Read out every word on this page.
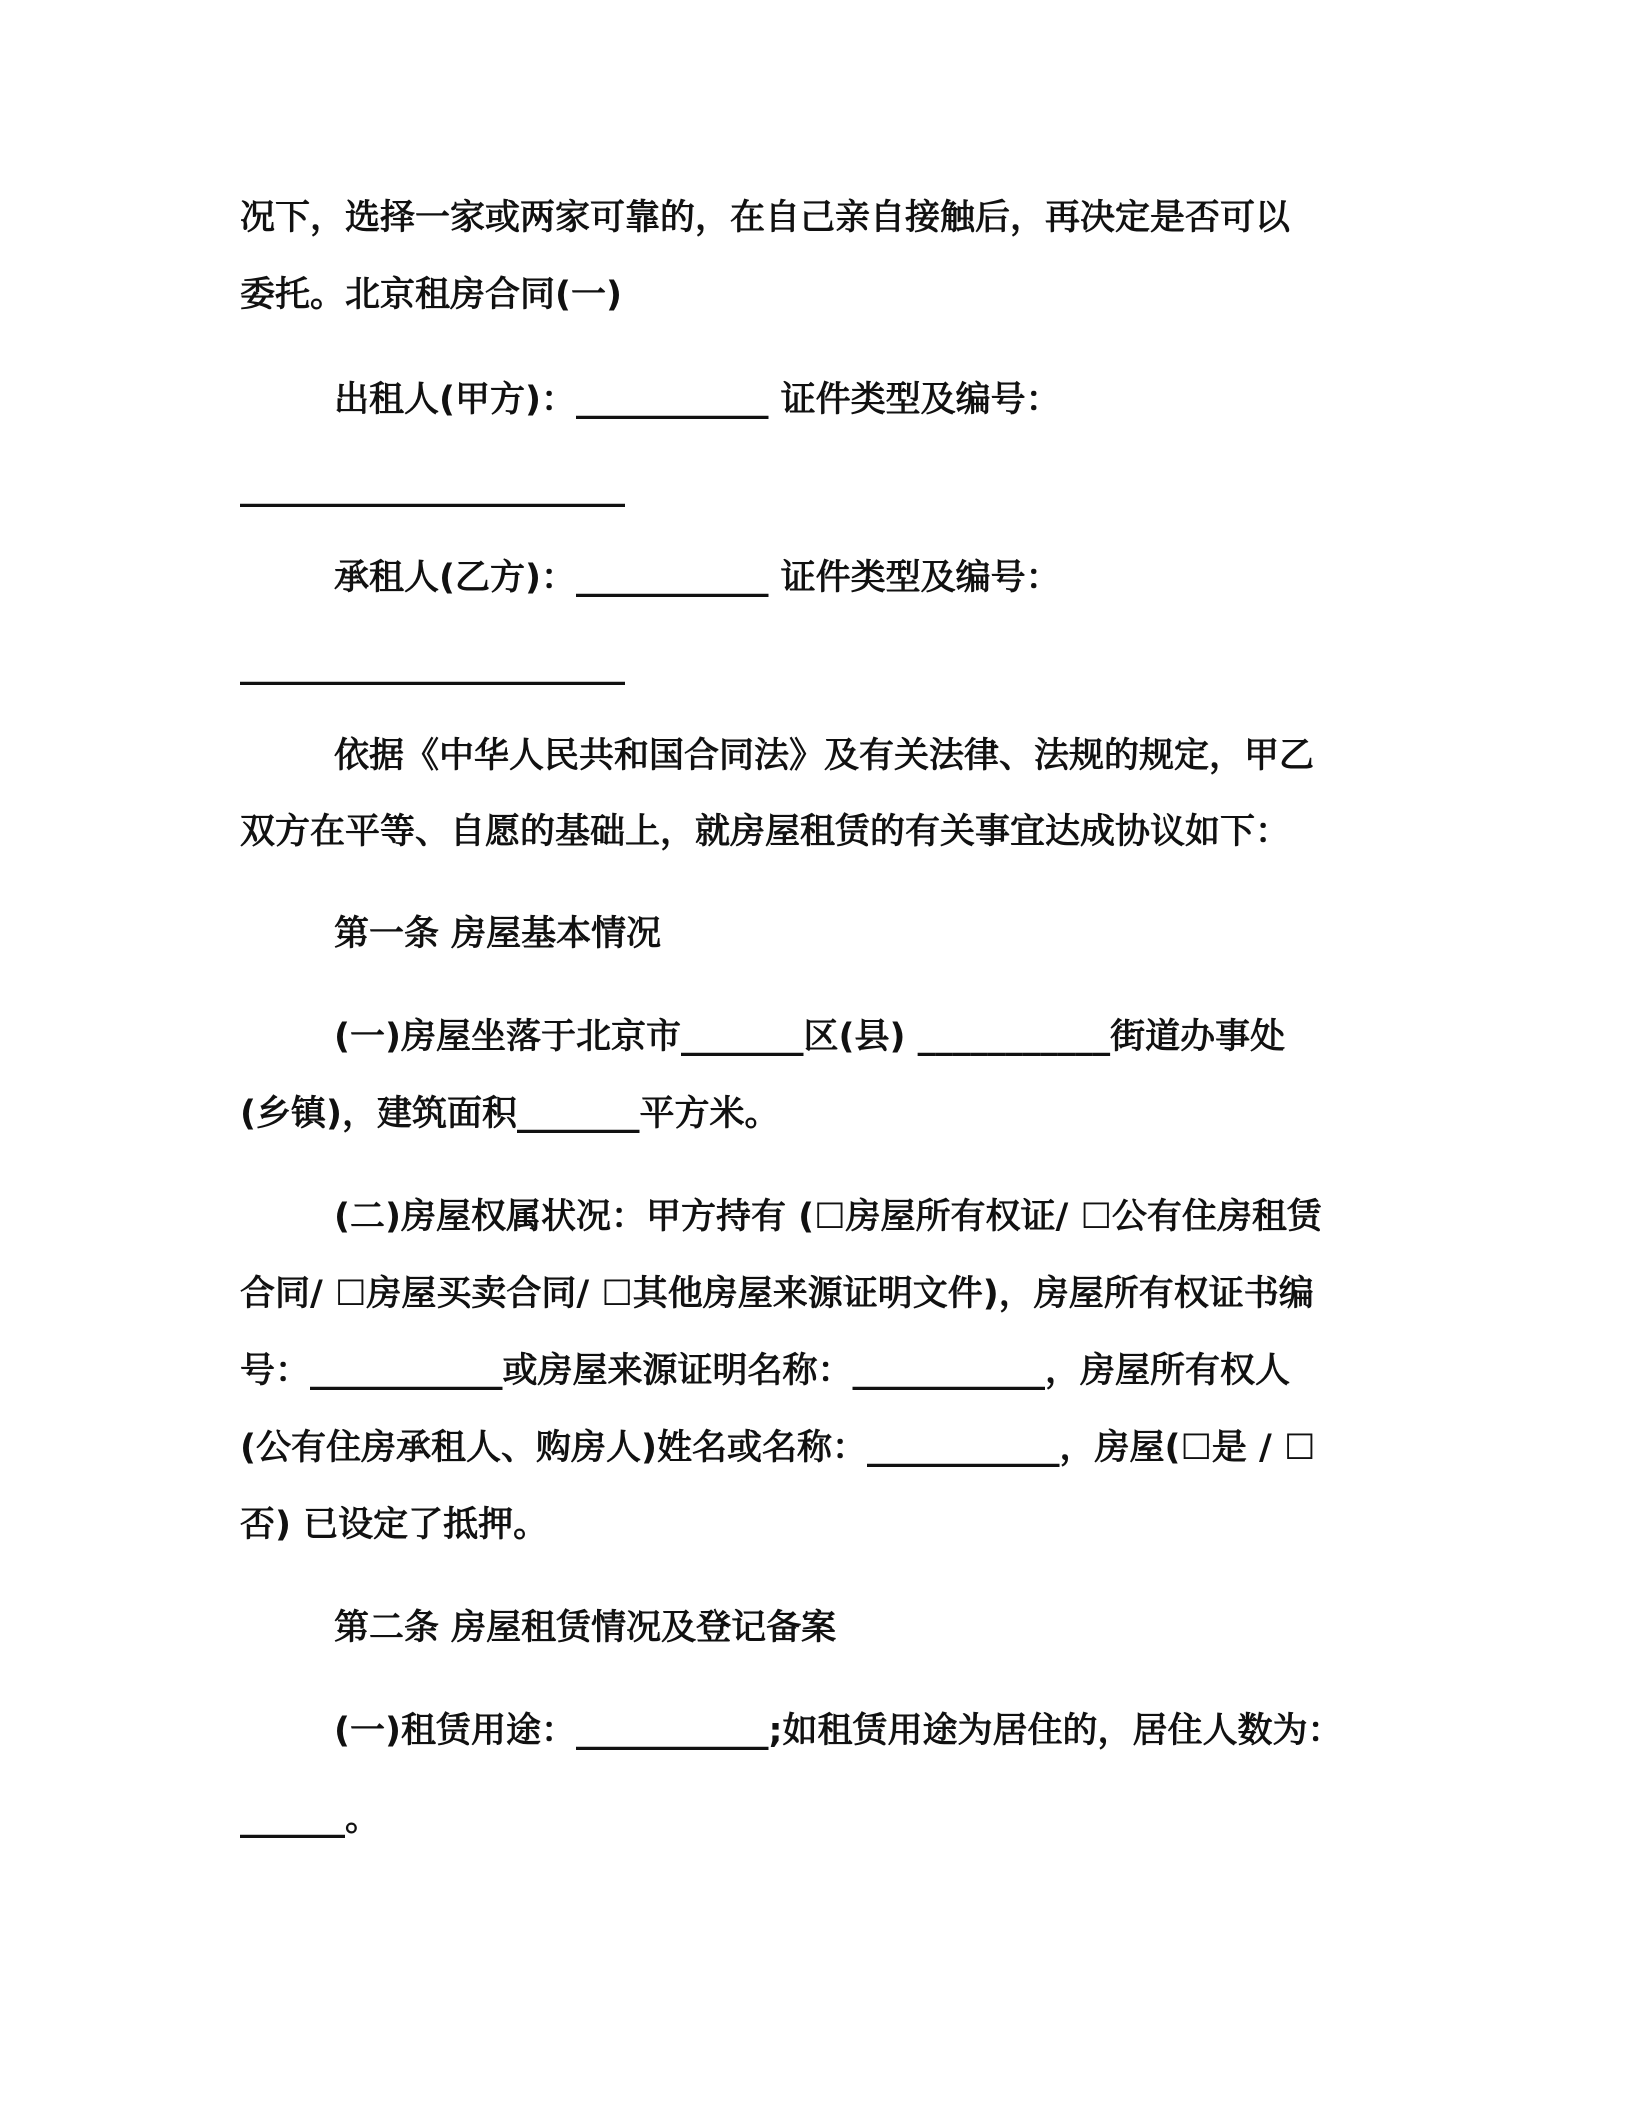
况下，选择一家或两家可靠的，在自己亲自接触后，再决定是否可以
委托。北京租房合同(一)
出租人(甲方)：___________ 证件类型及编号：
______________________
承租人(乙方)：___________ 证件类型及编号：
______________________
依据《中华人民共和国合同法》及有关法律、法规的规定，甲乙
双方在平等、自愿的基础上，就房屋租赁的有关事宜达成协议如下：
第一条 房屋基本情况
(一)房屋坐落于北京市_______区(县) ___________街道办事处
(乡镇)，建筑面积_______平方米。
(二)房屋权属状况：甲方持有 (☐房屋所有权证/ ☐公有住房租赁
合同/ ☐房屋买卖合同/ ☐其他房屋来源证明文件)，房屋所有权证书编
号：___________或房屋来源证明名称：___________，房屋所有权人
(公有住房承租人、购房人)姓名或名称：___________，房屋(☐是 / ☐
否) 已设定了抵押。
第二条 房屋租赁情况及登记备案
(一)租赁用途：___________;如租赁用途为居住的，居住人数为：
______。
